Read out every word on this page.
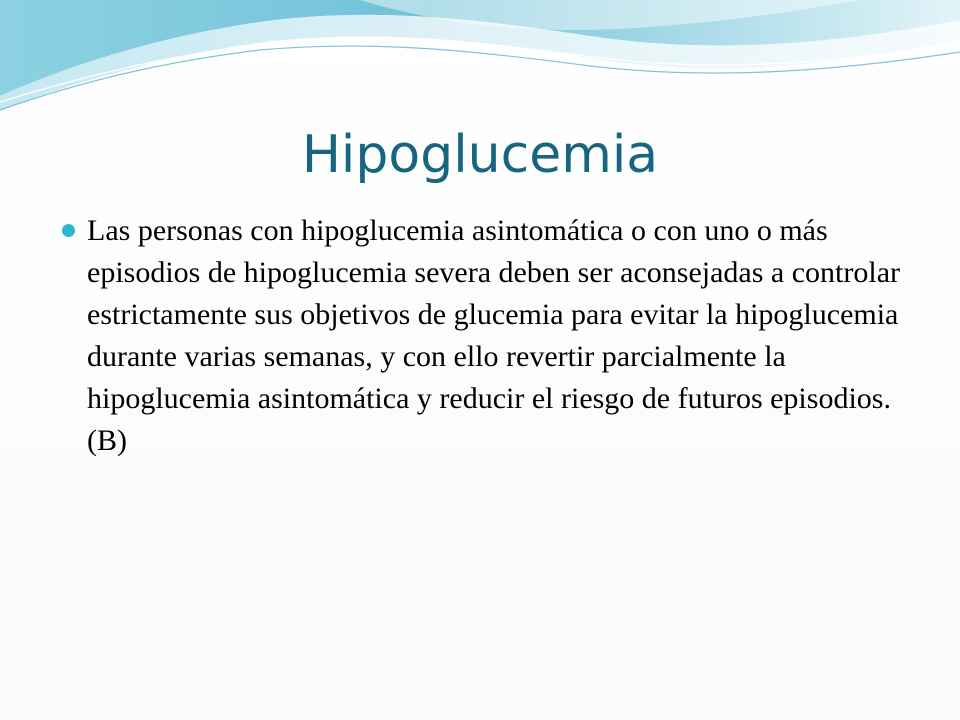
Hipoglucemia

Las personas con hipoglucemia asintomática o con uno o más episodios de hipoglucemia severa deben ser aconsejadas a controlar estrictamente sus objetivos de glucemia para evitar la hipoglucemia durante varias semanas, y con ello revertir parcialmente la hipoglucemia asintomática y reducir el riesgo de futuros episodios. (B)
